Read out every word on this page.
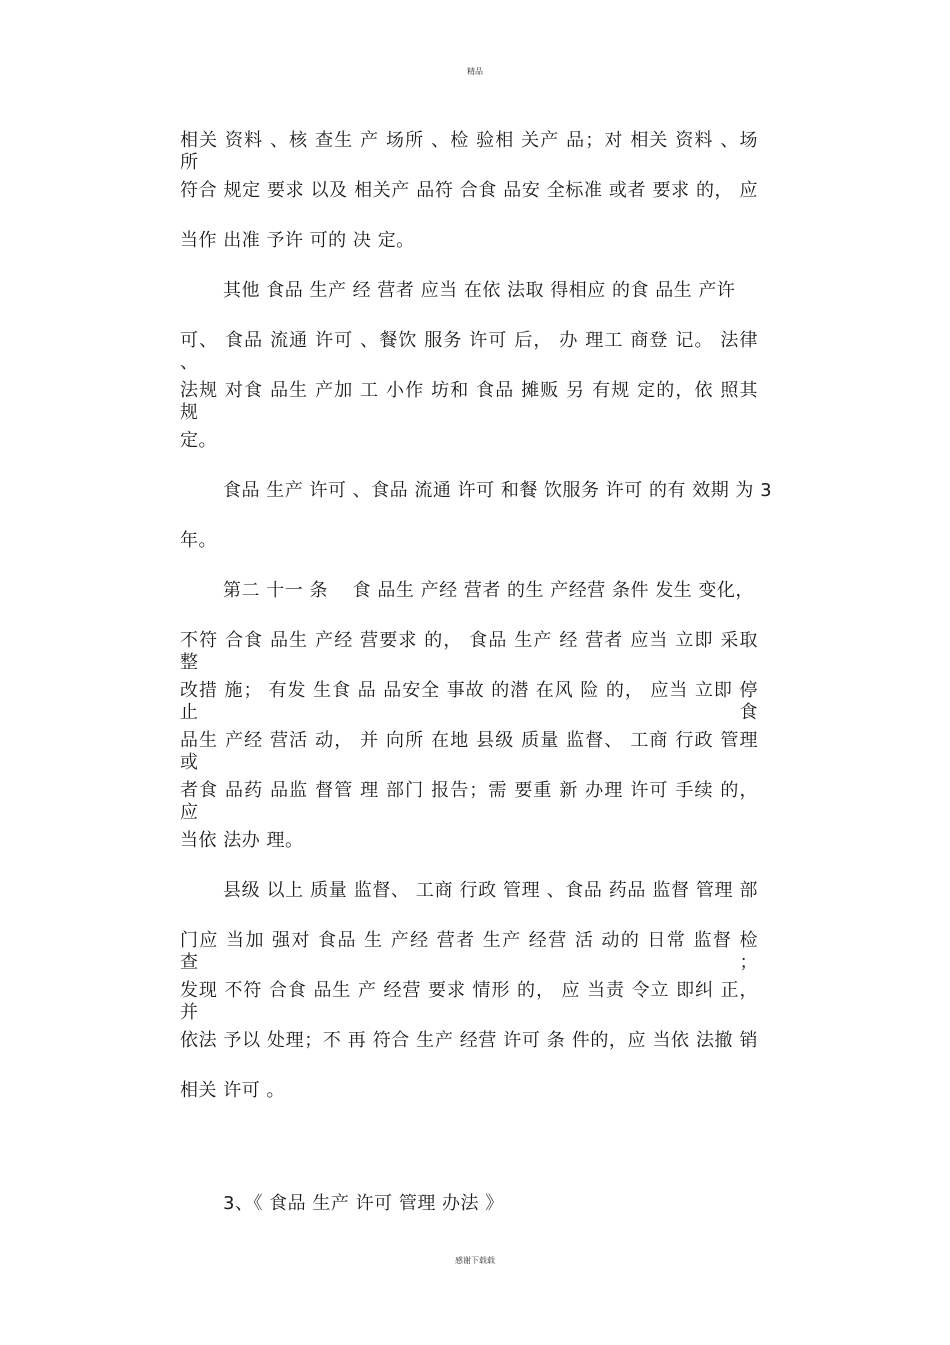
精品
相关 资料 、核 查生 产 场所 、检 验相 关产 品；对 相关 资料 、场 所
符合 规定 要求 以及 相关产 品符 合食 品安 全标准 或者 要求 的， 应
当作 出准 予许 可的 决 定。
其他 食品 生产 经 营者 应当 在依 法取 得相应 的食 品生 产许
可、 食品 流通 许可 、餐饮 服务 许可 后， 办 理工 商登 记。 法律 、
法规 对食 品生 产加 工 小作 坊和 食品 摊贩 另 有规 定的，依 照其 规
定。
食品 生产 许可 、食品 流通 许可 和餐 饮服务 许可 的有 效期 为 3
年。
第二 十一 条　 食 品生 产经 营者 的生 产经营 条件 发生 变化，
不符 合食 品生 产经 营要求 的， 食品 生产 经 营者 应当 立即 采取 整
改措 施； 有发 生食 品 品安全 事故 的潜 在风 险 的， 应当 立即 停止 食
品生 产经 营活 动， 并 向所 在地 县级 质量 监督、 工商 行政 管理 或
者食 品药 品监 督管 理 部门 报告；需 要重 新 办理 许可 手续 的， 应
当依 法办 理。
县级 以上 质量 监督、 工商 行政 管理 、食品 药品 监督 管理 部
门应 当加 强对 食品 生 产经 营者 生产 经营 活 动的 日常 监督 检查；
发现 不符 合食 品生 产 经营 要求 情形 的， 应 当责 令立 即纠 正， 并
依法 予以 处理；不 再 符合 生产 经营 许可 条 件的，应 当依 法撤 销
相关 许可 。
3、《 食品 生产 许可 管理 办法 》
感谢下载载
